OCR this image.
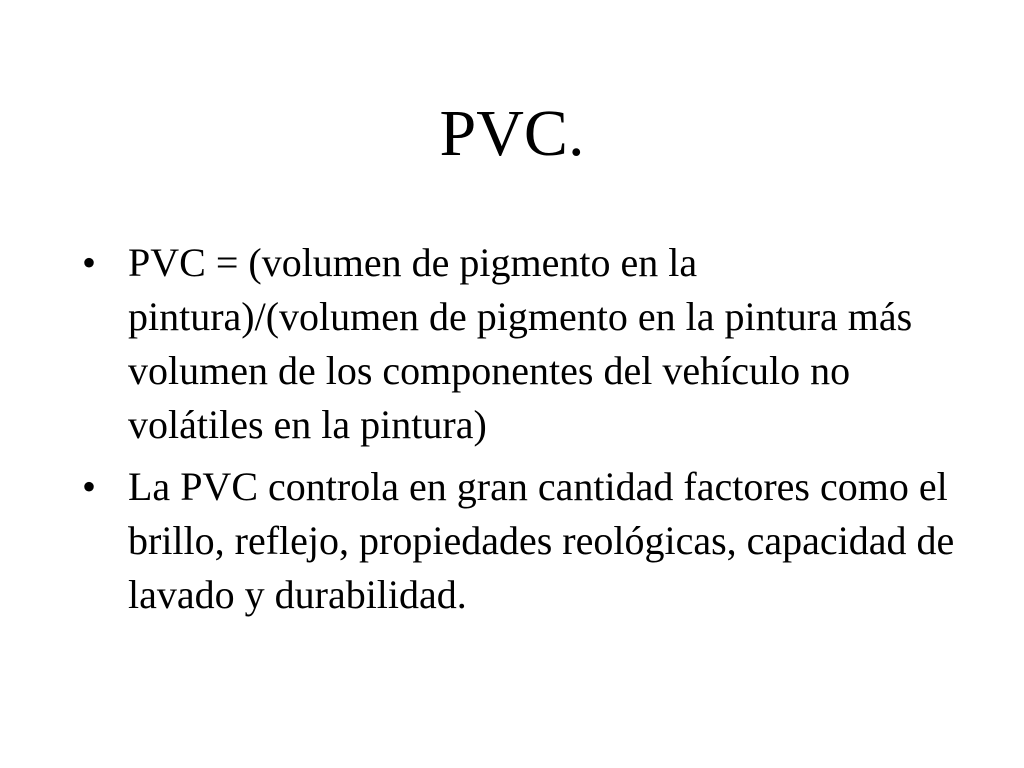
PVC.
• PVC = (volumen de pigmento en la pintura)/(volumen de pigmento en la pintura más volumen de los componentes del vehículo no volátiles en la pintura)
• La PVC controla en gran cantidad factores como el brillo, reflejo, propiedades reológicas, capacidad de lavado y durabilidad.
